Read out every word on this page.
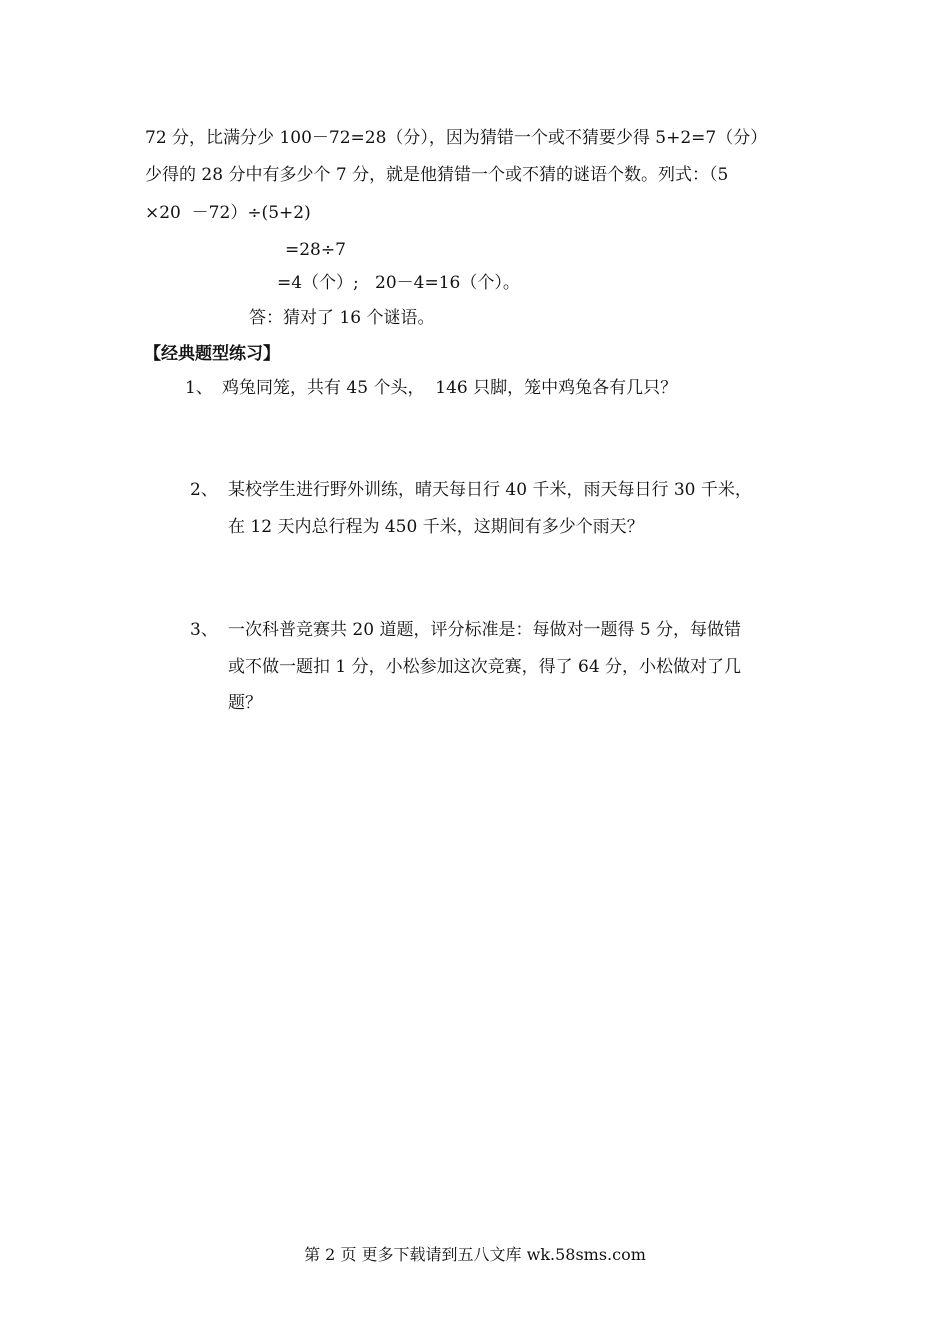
72 分，比满分少 100－72=28（分），因为猜错一个或不猜要少得 5+2=7（分）
少得的 28 分中有多少个 7 分，就是他猜错一个或不猜的谜语个数。列式：（5
×20  －72）÷(5+2)
=28÷7
=4（个）;   20－4=16（个）。
答：猜对了 16 个谜语。
【经典题型练习】
1、 鸡兔同笼，共有 45 个头，  146 只脚，笼中鸡兔各有几只？
2、 某校学生进行野外训练，晴天每日行 40 千米，雨天每日行 30 千米，
在 12 天内总行程为 450 千米，这期间有多少个雨天？
3、 一次科普竞赛共 20 道题，评分标准是：每做对一题得 5 分，每做错
或不做一题扣 1 分，小松参加这次竞赛，得了 64 分，小松做对了几
题？
第 2 页 更多下载请到五八文库 wk.58sms.com
